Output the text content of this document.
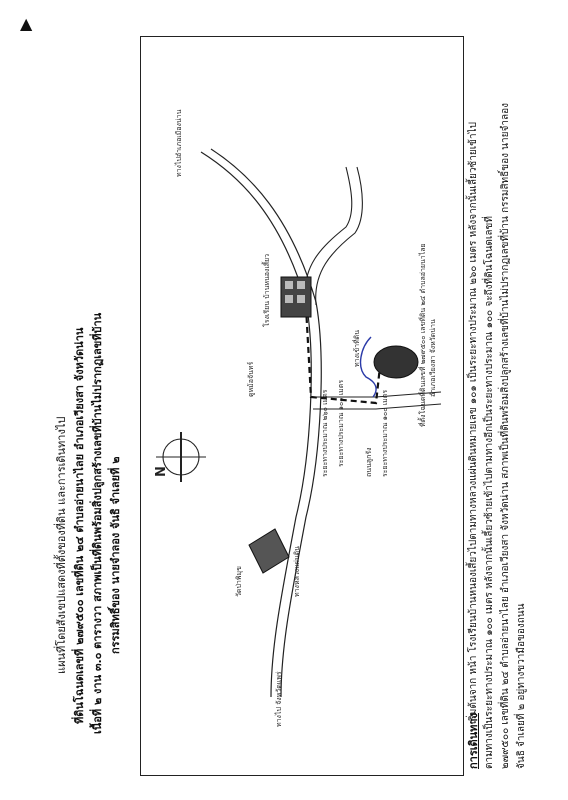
▲
แผนที่โดยสังเขปแสดงที่ตั้งของที่ดิน และการเดินทางไป ที่ดินโฉนดเลขที่ ๒๗๙๕๐๐ เลขที่ดิน ๒๔ ตำบลอ่ายนาไลย อำเภอเวียงสา จังหวัดน่าน เนื้อที่ ๒ งาน ๓.๐ ตารางวา สภาพเป็นที่ดินพร้อมสิ่งปลูกสร้างเลขที่บ้านไม่ปรากฏเลขที่บ้าน กรรมสิทธิ์ของ นายจำลอง จันธิ จำเลยที่ ๒ N
ทางไปอำเภอเมืองน่าน
ทางไป จังหวัดแพร่
โรงเรียน บ้านหนองเสี้ยว
ดูหม้อจันทร์
วัดป่าพิมุข
ระยะทางประมาณ ๒๖๐ เมตร ระยะทางประมาณ ๑๐๐ เมตร	ระยะทางประมาณ ๑๐๐ เมตร
ถนนลูกรัง
ทางหลวงแผ่นดิน
ที่ตั้งโฉนดที่ดินเลขที่ ๒๗๙๕๐๐ เลขที่ดิน ๒๔ ตำบลอ่ายนาไลย อำเภอเวียงสา จังหวัดน่าน
ทางเข้าที่ดิน
การเดินทาง
เริ่มต้นจาก หน้า โรงเรียนบ้านหนองเสี้ยวไปตามทางหลวงแผ่นดินหมายเลข ๑๐๑ เป็นระยะทางประมาณ ๒๖๐ เมตร หลังจากนั้นเลี้ยวซ้ายเข้าไป ตามทางเป็นระยะทางประมาณ ๑๐๐ เมตร หลังจากนั้นเลี้ยวซ้ายเข้าไปตามทางอีกเป็นระยะทางประมาณ ๑๐๐ จะถึงที่ดินโฉนดเลขที่ ๒๗๙๕๐๐ เลขที่ดิน ๒๔ ตำบลอ่ายนาไลย อำเภอเวียงสา จังหวัดน่าน สภาพเป็นที่ดินพร้อมสิ่งปลูกสร้างเลขที่บ้านไม่ปรากฏเลขที่บ้าน กรรมสิทธิ์ของ นายจำลอง จันธิ จำเลยที่ ๒ อยู่ทางขวามือของถนน
